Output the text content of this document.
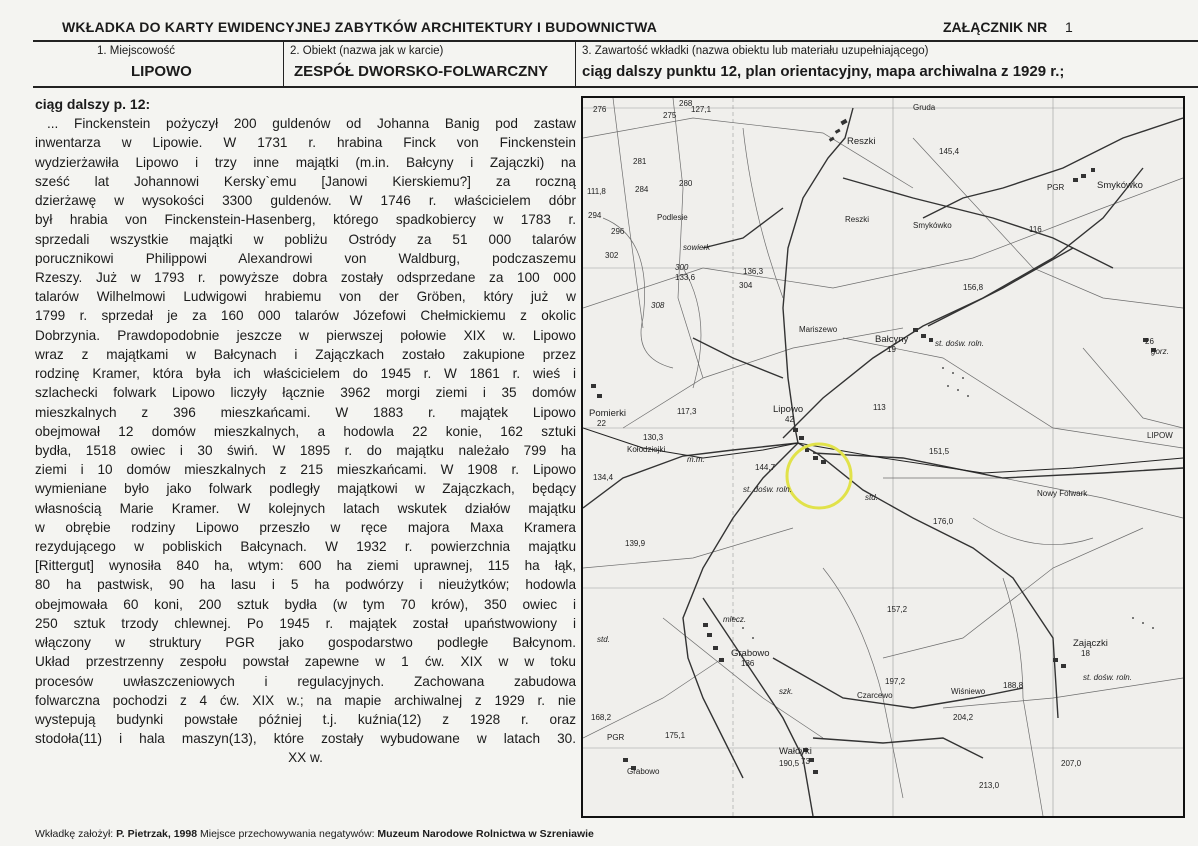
WKŁADKA DO KARTY EWIDENCYJNEJ ZABYTKÓW ARCHITEKTURY I BUDOWNICTWA	ZAŁĄCZNIK NR 1
1. Miejscowość
LIPOWO
2. Obiekt (nazwa jak w karcie)
ZESPÓŁ DWORSKO-FOLWARCZNY
3. Zawartość wkładki (nazwa obiektu lub materiału uzupełniającego)
ciąg dalszy punktu 12, plan orientacyjny, mapa archiwalna z 1929 r.;
ciąg dalszy p. 12:
... Finckenstein pożyczył 200 guldenów od Johanna Banig pod zastaw
inwentarza w Lipowie. W 1731 r. hrabina Finck von Finckenstein
wydzierżawiła Lipowo i trzy inne majątki (m.in. Bałcyny i Zajączki) na
sześć lat Johannowi Kersky`emu [Janowi Kierskiemu?] za roczną
dzierżawę w wysokości 3300 guldenów. W 1746 r. właścicielem dóbr
był hrabia von Finckenstein-Hasenberg, którego spadkobiercy w 1783 r.
sprzedali wszystkie majątki w pobliżu Ostródy za 51 000 talarów
porucznikowi Philippowi Alexandrowi von Waldburg, podczaszemu
Rzeszy. Już w 1793 r. powyższe dobra zostały odsprzedane za 100 000
talarów Wilhelmowi Ludwigowi hrabiemu von der Gröben, który już w
1799 r. sprzedał je za 160 000 talarów Józefowi Chełmickiemu z okolic
Dobrzynia. Prawdopodobnie jeszcze w pierwszej połowie XIX w. Lipowo
wraz z majątkami w Bałcynach i Zajączkach zostało zakupione przez
rodzinę Kramer, która była ich właścicielem do 1945 r. W 1861 r. wieś i
szlachecki folwark Lipowo liczyły łącznie 3962 morgi ziemi i 35 domów
mieszkalnych z 396 mieszkańcami. W 1883 r. majątek Lipowo
obejmował 12 domów mieszkalnych, a hodowla 22 konie, 162 sztuki
bydła, 1518 owiec i 30 świń. W 1895 r. do majątku należało 799 ha
ziemi i 10 domów mieszkalnych z 215 mieszkańcami. W 1908 r. Lipowo
wymieniane było jako folwark podległy majątkowi w Zajączkach, będący
własnością Marie Kramer. W kolejnych latach wskutek działów majątku
w obrębie rodziny Lipowo przeszło w ręce majora Maxa Kramera
rezydującego w pobliskich Bałcynach. W 1932 r. powierzchnia majątku
[Rittergut] wynosiła 840 ha, wtym: 600 ha ziemi uprawnej, 115 ha łąk,
80 ha pastwisk, 90 ha lasu i 5 ha podwórzy i nieużytków; hodowla
obejmowała 60 koni, 200 sztuk bydła (w tym 70 krów), 350 owiec i
250 sztuk trzody chlewnej. Po 1945 r. majątek został upaństwowiony i
włączony w struktury PGR jako gospodarstwo podległe Bałcynom.
Układ przestrzenny zespołu powstał zapewne w 1 ćw. XIX w w toku
procesów uwłaszczeniowych i regulacyjnych. Zachowana zabudowa
folwarczna pochodzi z 4 ćw. XIX w.; na mapie archiwalnej z 1929 r. nie
wystepują budynki powstałe później t.j. kuźnia(12) z 1928 r. oraz
stodoła(11) i hala maszyn(13), które zostały wybudowane w latach 30.
XX w.
276
275
268
281
280
294
302
300
304
308
284
296
127,1
145,4
156,8
133,6
136,3
130,3
144,7
134,4
151,5
176,0
139,9
157,2
197,2	188,8
204,2
168,2
175,1
190,5
213,0
207,0
117,3	113
116
111,8
Reszki
Reszki
Smykówko
Smykówko
PGR
Podlesie
Gruda
sowierk
Mariszewo
Bałcyny
19
st. dośw. roln.
Pomierki
22
Lipowo
42
Kołodziejki
m.m.
st. dośw. roln.
std.	Nowy Folwark
Grabowo
136
mlecz.
szk.	Czarcewo	Wiśniewo
Zajączki
18
st. dośw. roln.
Wałdyki
73
PGR
Grabowo
std.
gorz.
26
LIPOW
Wkładkę założył: P. Pietrzak, 1998 Miejsce przechowywania negatywów: Muzeum Narodowe Rolnictwa w Szreniawie
